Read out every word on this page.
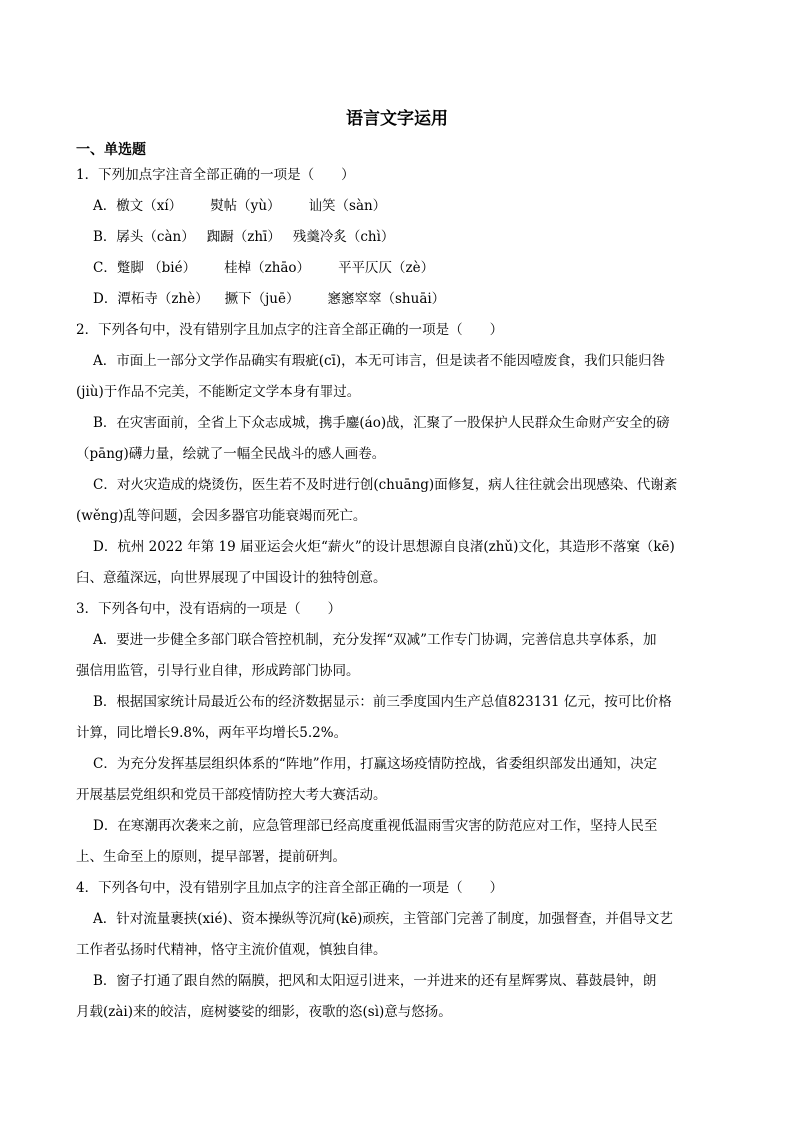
语言文字运用
一、单选题
1．下列加点字注音全部正确的一项是（　　）
A．檄文（xí） 熨帖（yù） 讪笑（sàn）
B．孱头（càn） 踟蹰（zhī） 残羹冷炙（chì）
C．蹩脚 （bié） 桂棹（zhāo） 平平仄仄（zè）
D．潭柘寺（zhè） 撅下（juē） 窸窸窣窣（shuāi）
2．下列各句中，没有错别字且加点字的注音全部正确的一项是（　　）
A．市面上一部分文学作品确实有瑕疵(cī)，本无可讳言，但是读者不能因噎废食，我们只能归咎
(jiù)于作品不完美，不能断定文学本身有罪过。
B．在灾害面前，全省上下众志成城，携手鏖(áo)战，汇聚了一股保护人民群众生命财产安全的磅
（pāng)礴力量，绘就了一幅全民战斗的感人画卷。
C．对火灾造成的烧烫伤，医生若不及时进行创(chuāng)面修复，病人往往就会出现感染、代谢紊
(wěng)乱等问题，会因多器官功能衰竭而死亡。
D．杭州 2022 年第 19 届亚运会火炬“薪火”的设计思想源自良渚(zhǔ)文化，其造形不落窠（kē)
臼、意蕴深远，向世界展现了中国设计的独特创意。
3．下列各句中，没有语病的一项是（　　）
A．要进一步健全多部门联合管控机制，充分发挥“双减”工作专门协调，完善信息共享体系，加
强信用监管，引导行业自律，形成跨部门协同。
B．根据国家统计局最近公布的经济数据显示：前三季度国内生产总值823131 亿元，按可比价格
计算，同比增长9.8%，两年平均增长5.2%。
C．为充分发挥基层组织体系的“阵地”作用，打赢这场疫情防控战，省委组织部发出通知，决定
开展基层党组织和党员干部疫情防控大考大赛活动。
D．在寒潮再次袭来之前，应急管理部已经高度重视低温雨雪灾害的防范应对工作，坚持人民至
上、生命至上的原则，提早部署，提前研判。
4．下列各句中，没有错别字且加点字的注音全部正确的一项是（　　）
A．针对流量裹挟(xié)、资本操纵等沉疴(kē)顽疾，主管部门完善了制度，加强督查，并倡导文艺
工作者弘扬时代精神，恪守主流价值观，慎独自律。
B．窗子打通了跟自然的隔膜，把风和太阳逗引进来，一并进来的还有星辉雾岚、暮鼓晨钟，朗
月载(zài)来的皎洁，庭树婆娑的细影，夜歌的恣(sì)意与悠扬。
